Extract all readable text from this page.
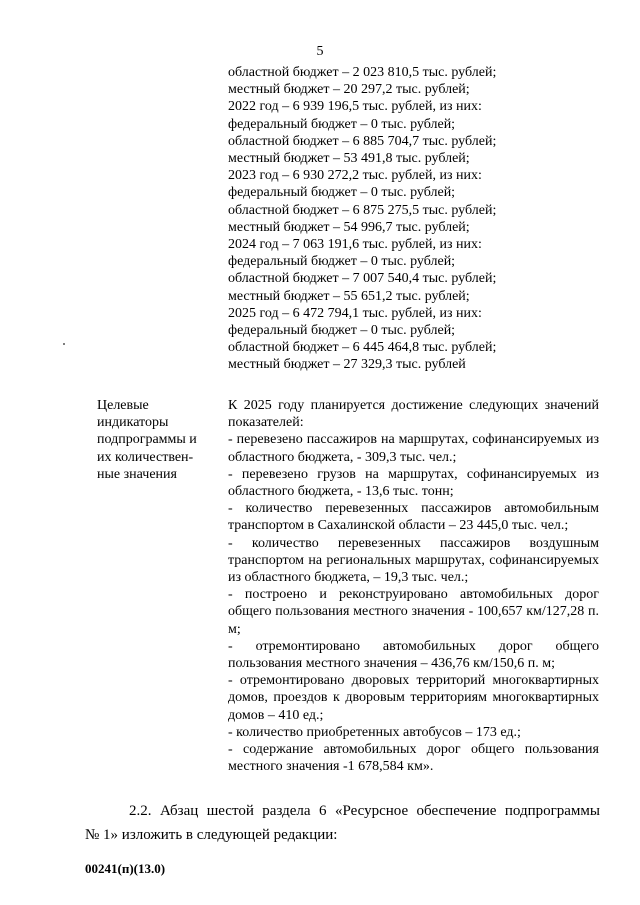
5
областной бюджет – 2 023 810,5 тыс. рублей;
местный бюджет – 20 297,2 тыс. рублей;
2022 год – 6 939 196,5 тыс. рублей, из них:
федеральный бюджет – 0 тыс. рублей;
областной бюджет – 6 885 704,7 тыс. рублей;
местный бюджет – 53 491,8 тыс. рублей;
2023 год – 6 930 272,2 тыс. рублей, из них:
федеральный бюджет – 0 тыс. рублей;
областной бюджет – 6 875 275,5 тыс. рублей;
местный бюджет – 54 996,7 тыс. рублей;
2024 год – 7 063 191,6 тыс. рублей, из них:
федеральный бюджет – 0 тыс. рублей;
областной бюджет – 7 007 540,4 тыс. рублей;
местный бюджет – 55 651,2 тыс. рублей;
2025 год – 6 472 794,1 тыс. рублей, из них:
федеральный бюджет – 0 тыс. рублей;
областной бюджет – 6 445 464,8 тыс. рублей;
местный бюджет – 27 329,3 тыс. рублей
Целевые
индикаторы
подпрограммы и
их количествен-
ные значения
К 2025 году планируется достижение следующих значений показателей:
- перевезено пассажиров на маршрутах, софинансируемых из областного бюджета, - 309,3 тыс. чел.;
- перевезено грузов на маршрутах, софинансируемых из областного бюджета, - 13,6 тыс. тонн;
- количество перевезенных пассажиров автомобильным транспортом в Сахалинской области – 23 445,0 тыс. чел.;
- количество перевезенных пассажиров воздушным транспортом на региональных маршрутах, софинансируемых из областного бюджета, – 19,3 тыс. чел.;
- построено и реконструировано автомобильных дорог общего пользования местного значения - 100,657 км/127,28 п. м;
- отремонтировано автомобильных дорог общего пользования местного значения – 436,76 км/150,6 п. м;
- отремонтировано дворовых территорий многоквартирных домов, проездов к дворовым территориям многоквартирных домов – 410 ед.;
- количество приобретенных автобусов – 173 ед.;
- содержание автомобильных дорог общего пользования местного значения -1 678,584 км».
2.2. Абзац шестой раздела 6 «Ресурсное обеспечение подпрограммы
№ 1» изложить в следующей редакции:
00241(п)(13.0)
